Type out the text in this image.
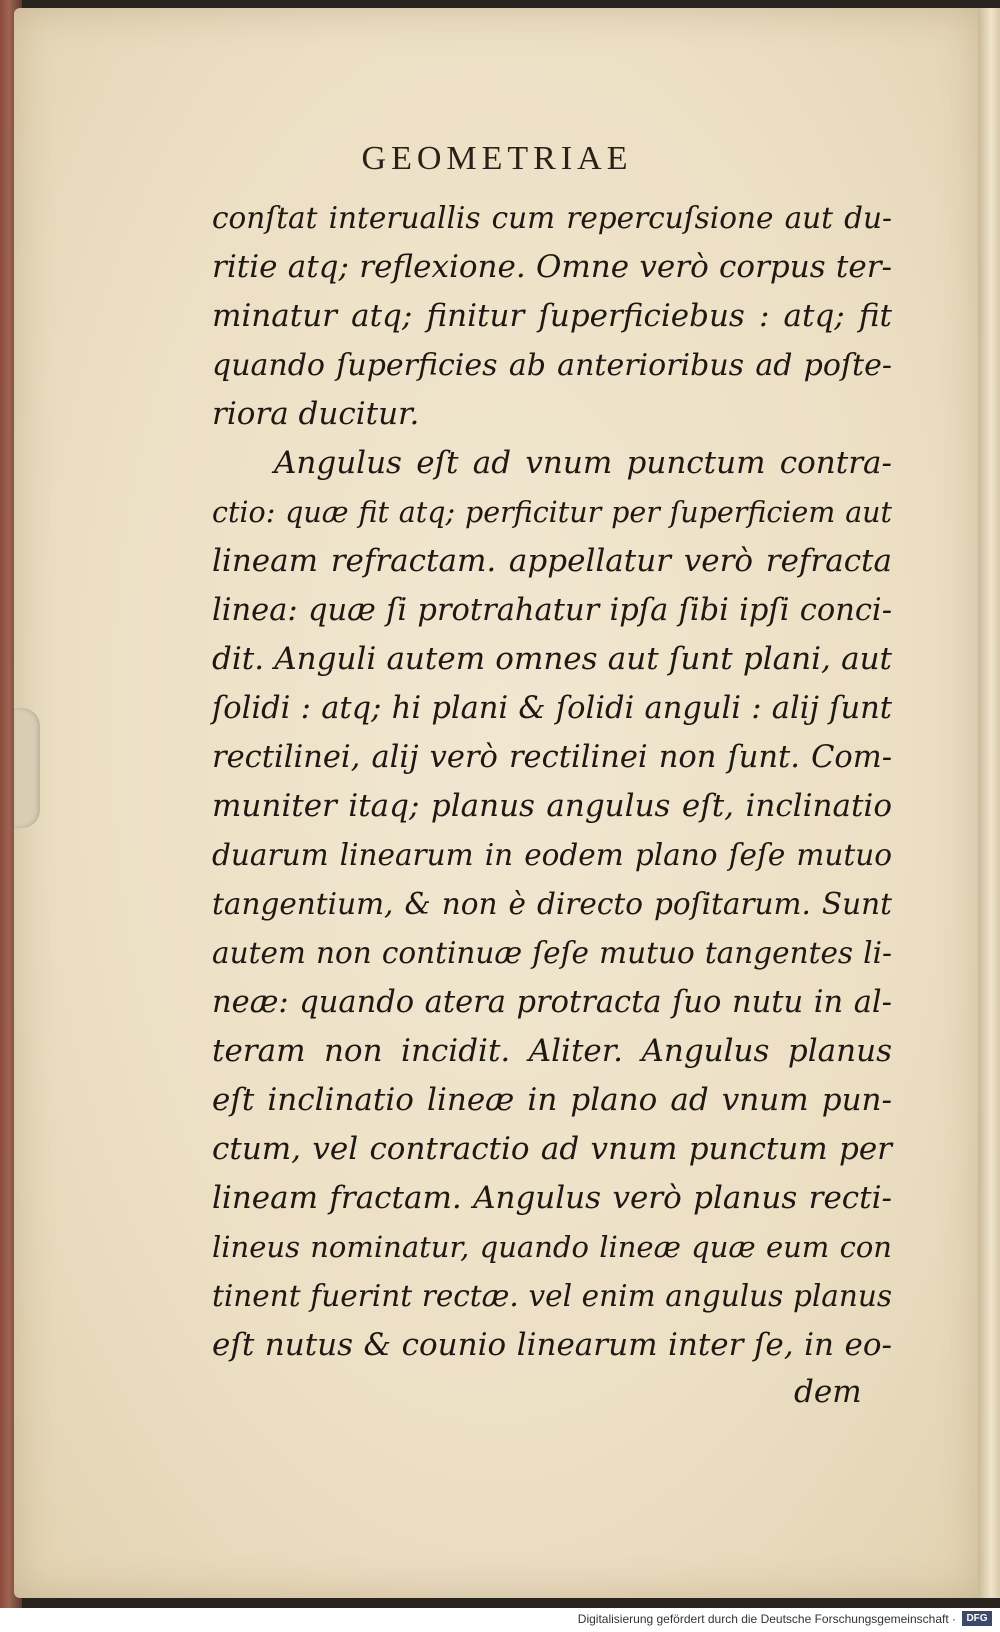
GEOMETRIAE
conſtat interuallis cum repercuſsione aut du-
ritie atq; reflexione. Omne verò corpus ter-
minatur atq; finitur ſuperficiebus : atq; fit
quando ſuperficies ab anterioribus ad poſte-
riora ducitur.
Angulus eſt ad vnum punctum contra-
ctio: quæ fit atq; perficitur per ſuperficiem aut
lineam refractam. appellatur verò refracta
linea: quæ ſi protrahatur ipſa ſibi ipſi conci-
dit. Anguli autem omnes aut ſunt plani, aut
ſolidi : atq; hi plani & ſolidi anguli : alij ſunt
rectilinei, alij verò rectilinei non ſunt. Com-
muniter itaq; planus angulus eſt, inclinatio
duarum linearum in eodem plano ſeſe mutuo
tangentium, & non è directo poſitarum. Sunt
autem non continuæ ſeſe mutuo tangentes li-
neæ: quando atera protracta ſuo nutu in al-
teram non incidit. Aliter. Angulus planus
eſt inclinatio lineæ in plano ad vnum pun-
ctum, vel contractio ad vnum punctum per
lineam fractam. Angulus verò planus recti-
lineus nominatur, quando lineæ quæ eum con
tinent fuerint rectæ. vel enim angulus planus
eſt nutus & counio linearum inter ſe, in eo-
dem
Digitalisierung gefördert durch die Deutsche Forschungsgemeinschaft ·	DFG
